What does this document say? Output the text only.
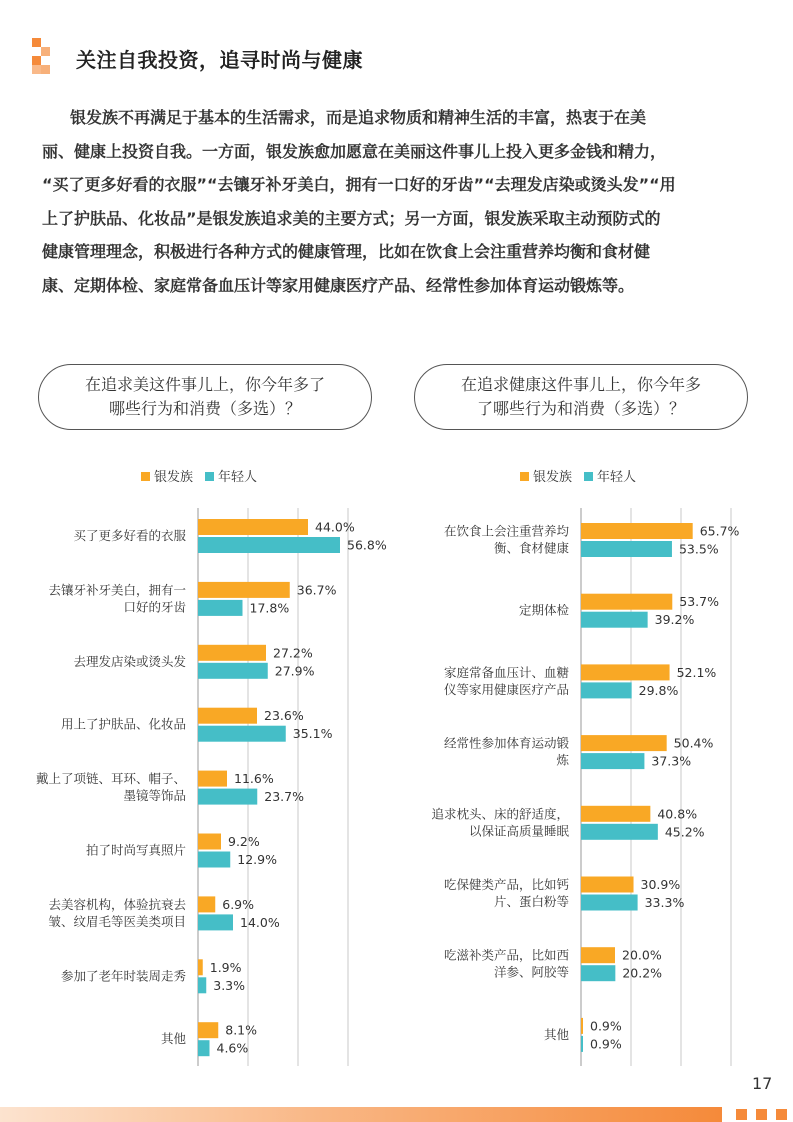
关注自我投资，追寻时尚与健康

银发族不再满足于基本的生活需求，而是追求物质和精神生活的丰富，热衷于在美
丽、健康上投资自我。一方面，银发族愈加愿意在美丽这件事儿上投入更多金钱和精力，
“买了更多好看的衣服”“去镶牙补牙美白，拥有一口好的牙齿”“去理发店染或烫头发”“用
上了护肤品、化妆品”是银发族追求美的主要方式；另一方面，银发族采取主动预防式的
健康管理理念，积极进行各种方式的健康管理，比如在饮食上会注重营养均衡和食材健
康、定期体检、家庭常备血压计等家用健康医疗产品、经常性参加体育运动锻炼等。

在追求美这件事儿上，你今年多了
哪些行为和消费（多选）？
在追求健康这件事儿上，你今年多
了哪些行为和消费（多选）？
银发族 年轻人
买了更多好看的衣服
44.0%
56.8%
去镶牙补牙美白，拥有一
口好的牙齿
36.7%
17.8%
去理发店染或烫头发
27.2%
27.9%
用上了护肤品、化妆品
23.6%
35.1%
戴上了项链、耳环、帽子、
墨镜等饰品
11.6%
23.7%
拍了时尚写真照片
9.2%
12.9%
去美容机构，体验抗衰去
皱、纹眉毛等医美类项目
6.9%
14.0%
参加了老年时装周走秀
1.9%
3.3%
其他
8.1%
4.6%
银发族 年轻人
在饮食上会注重营养均
衡、食材健康
65.7%
53.5%
定期体检
53.7%
39.2%
家庭常备血压计、血糖
仪等家用健康医疗产品
52.1%
29.8%
经常性参加体育运动锻
炼
50.4%
37.3%
追求枕头、床的舒适度，
以保证高质量睡眠
40.8%
45.2%
吃保健类产品，比如钙
片、蛋白粉等
30.9%
33.3%
吃滋补类产品，比如西
洋参、阿胶等
20.0%
20.2%
其他
0.9%
0.9%
17
